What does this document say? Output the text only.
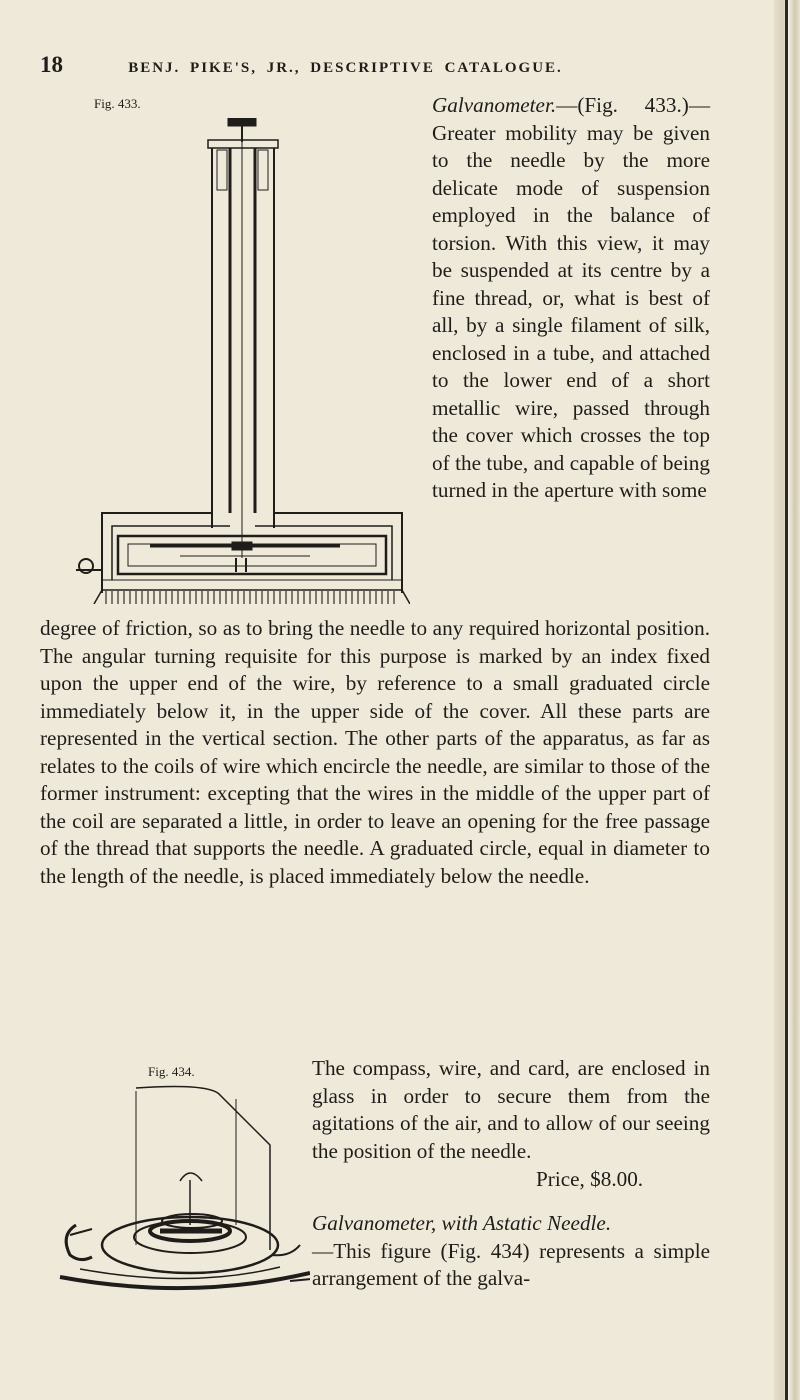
18	BENJ. PIKE'S, JR., DESCRIPTIVE CATALOGUE.
Fig. 433.	Galvanometer.—(Fig. 433.)—Greater mobility may be given to the needle by the more delicate mode of suspension employed in the balance of torsion. With this view, it may be suspended at its centre by a fine thread, or, what is best of all, by a single filament of silk, enclosed in a tube, and attached to the lower end of a short metallic wire, passed through the cover which crosses the top of the tube, and capable of being turned in the aperture with some

degree of friction, so as to bring the needle to any required horizontal position. The angular turning requisite for this purpose is marked by an index fixed upon the upper end of the wire, by reference to a small graduated circle immediately below it, in the upper side of the cover. All these parts are represented in the vertical section. The other parts of the apparatus, as far as relates to the coils of wire which encircle the needle, are similar to those of the former instrument: excepting that the wires in the middle of the upper part of the coil are separated a little, in order to leave an opening for the free passage of the thread that supports the needle. A graduated circle, equal in diameter to the length of the needle, is placed immediately below the needle.

Fig. 434.	The compass, wire, and card, are enclosed in glass in order to secure them from the agitations of the air, and to allow of our seeing the position of the needle.

Price, $8.00.

Galvanometer, with Astatic Needle.
—This figure (Fig. 434) represents a simple arrangement of the galva-
